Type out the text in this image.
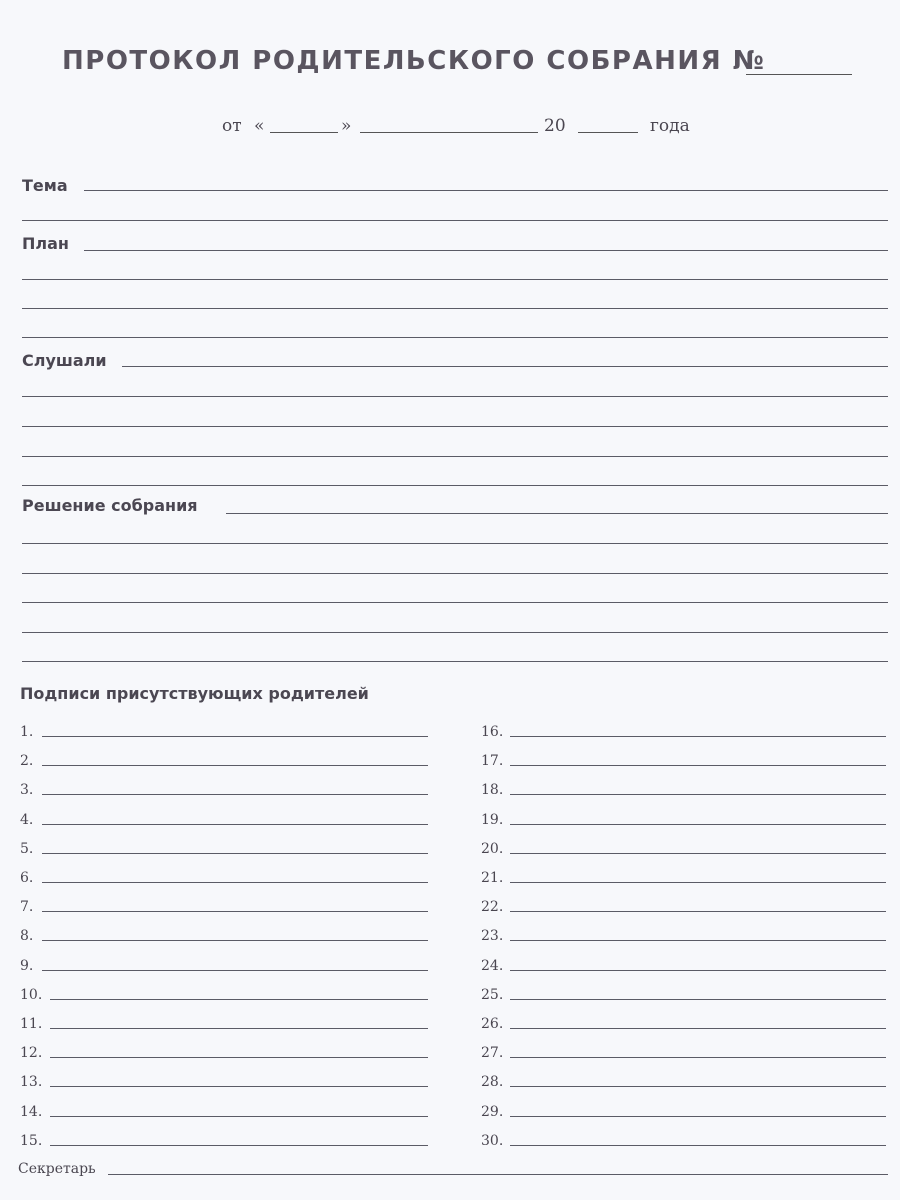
ПРОТОКОЛ РОДИТЕЛЬСКОГО СОБРАНИЯ №
от «	»	20	года
Тема
План
Слушали
Решение собрания
Подписи присутствующих родителей
1.
2.
3.
4.
5.
6.
7.
8.
9.
10.
11.
12.
13.
14.
15.
16.
17.
18.
19.
20.
21.
22.
23.
24.
25.
26.
27.
28.
29.
30.
Секретарь
